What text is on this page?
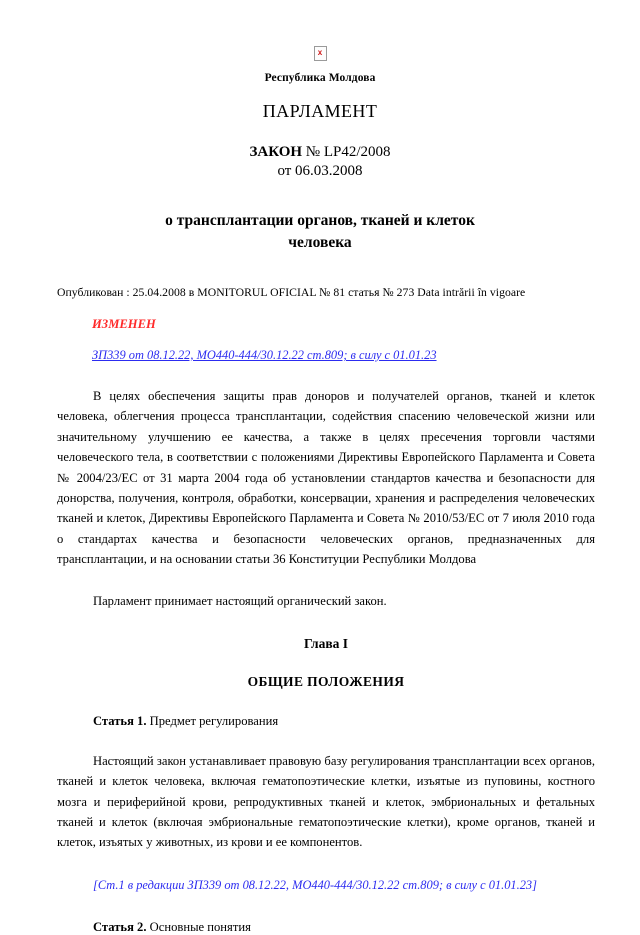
x
Республика Молдова
ПАРЛАМЕНТ
ЗАКОН № LP42/2008
от 06.03.2008
о трансплантации органов, тканей и клеток
человека
Опубликован : 25.04.2008 в MONITORUL OFICIAL № 81 статья № 273 Data intrării în vigoare
ИЗМЕНЕН
ЗП339 от 08.12.22, MO440-444/30.12.22 ст.809; в силу с 01.01.23
В целях обеспечения защиты прав доноров и получателей органов, тканей и клеток человека, облегчения процесса трансплантации, содействия спасению человеческой жизни или значительному улучшению ее качества, а также в целях пресечения торговли частями человеческого тела, в соответствии с положениями Директивы Европейского Парламента и Совета № 2004/23/EC от 31 марта 2004 года об установлении стандартов качества и безопасности для донорства, получения, контроля, обработки, консервации, хранения и распределения человеческих тканей и клеток, Директивы Европейского Парламента и Совета № 2010/53/EC от 7 июля 2010 года о стандартах качества и безопасности человеческих органов, предназначенных для трансплантации, и на основании статьи 36 Конституции Республики Молдова
Парламент принимает настоящий органический закон.
Глава I
ОБЩИЕ ПОЛОЖЕНИЯ
Статья 1. Предмет регулирования
Настоящий закон устанавливает правовую базу регулирования трансплантации всех органов, тканей и клеток человека, включая гематопоэтические клетки, изъятые из пуповины, костного мозга и периферийной крови, репродуктивных тканей и клеток, эмбриональных и фетальных тканей и клеток (включая эмбриональные гематопоэтические клетки), кроме органов, тканей и клеток, изъятых у животных, из крови и ее компонентов.
[Ст.1 в редакции ЗП339 от 08.12.22, MO440-444/30.12.22 ст.809; в силу с 01.01.23]
Статья 2. Основные понятия
